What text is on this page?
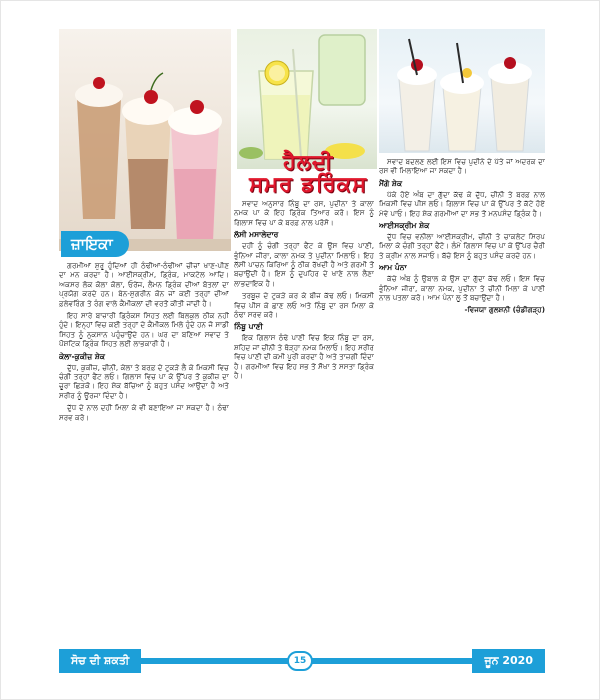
ਹੈਲਦੀ
ਸਮਰ ਡਰਿੰਕਸ
ਜ਼ਾਇਕਾ

ਗਰਮੀਆਂ ਸ਼ੁਰੂ ਹੁੰਦਿਆਂ ਹੀ ਠੰਢੀਆਂ-ਠੰਢੀਆਂ ਚੀਜ਼ਾਂ ਖਾਣ-ਪੀਣ ਦਾ ਮਨ ਕਰਦਾ ਹੈ। ਆਈਸਕ੍ਰੀਮ, ਡ੍ਰਿੰਕ, ਮਾਕਟੇਲ ਆਦਿ। ਅਕਸਰ ਲੋਕ ਕੋਲਾ ਕੋਲਾ, ਓਰੇਂਜ, ਲੈਮਨ ਡ੍ਰਿੰਕ ਦੀਆਂ ਬੋਤਲਾਂ ਦਾ ਪ੍ਰਯੋਗ ਕਰਦੇ ਹਨ। ਬੇਨ-ਸ਼ੁਗਰੀਨ ਕੋਨ ਜਾਂ ਕਈ ਤਰ੍ਹਾਂ ਦੀਆਂ ਫ਼ਲੇਵਰਿੰਗ ਤੇ ਰੰਗ ਵਾਲੇ ਕੈਮੀਕਲਾਂ ਦੀ ਵਰਤੋਂ ਕੀਤੀ ਜਾਂਦੀ ਹੈ।

ਇਹ ਸਾਰੇ ਬਾਜ਼ਾਰੀ ਡ੍ਰਿੰਕਸ ਸਿਹਤ ਲਈ ਬਿਲਕੁਲ ਠੀਕ ਨਹੀਂ ਹੁੰਦੇ। ਇਨ੍ਹਾਂ ਵਿਚ ਕਈ ਤਰ੍ਹਾਂ ਦੇ ਕੈਮੀਕਲ ਮਿਲੇ ਹੁੰਦੇ ਹਨ ਜੋ ਸਾਡੀ ਸਿਹਤ ਨੂੰ ਨੁਕਸਾਨ ਪਹੁੰਚਾਉਂਦੇ ਹਨ। ਘਰ ਦਾ ਬਣਿਆ ਸਵਾਦ ਤੇ ਪੌਸ਼ਟਿਕ ਡ੍ਰਿੰਕ ਸਿਹਤ ਲਈ ਲਾਭਕਾਰੀ ਹੈ।

ਕੇਲਾ-ਕੁਕੀਜ਼ ਸ਼ੇਕ

ਦੁੱਧ, ਕੁਕੀਜ਼, ਚੀਨੀ, ਕੇਲਾ ਤੇ ਬਰਫ਼ ਦੇ ਟੁਕੜੇ ਲੈ ਕੇ ਮਿਕਸੀ ਵਿਚ ਚੰਗੀ ਤਰ੍ਹਾਂ ਫੈਂਟ ਲਓ। ਗਿਲਾਸ ਵਿਚ ਪਾ ਕੇ ਉੱਪਰ ਤੋਂ ਕੁਕੀਜ਼ ਦਾ ਚੂਰਾ ਛਿੜਕੋ। ਇਹ ਸ਼ੇਕ ਬੱਚਿਆਂ ਨੂੰ ਬਹੁਤ ਪਸੰਦ ਆਉਂਦਾ ਹੈ ਅਤੇ ਸਰੀਰ ਨੂੰ ਊਰਜਾ ਦਿੰਦਾ ਹੈ।

ਦੁੱਧ ਦੇ ਨਾਲ ਦਹੀਂ ਮਿਲਾ ਕੇ ਵੀ ਬਣਾਇਆ ਜਾ ਸਕਦਾ ਹੈ। ਠੰਢਾ ਸਰਵ ਕਰੋ।

ਸਵਾਦ ਅਨੁਸਾਰ ਨਿੰਬੂ ਦਾ ਰਸ, ਪੁਦੀਨਾ ਤੇ ਕਾਲਾ ਨਮਕ ਪਾ ਕੇ ਇਹ ਡ੍ਰਿੰਕ ਤਿਆਰ ਕਰੋ। ਇਸ ਨੂੰ ਗਿਲਾਸ ਵਿਚ ਪਾ ਕੇ ਬਰਫ਼ ਨਾਲ ਪਰੋਸੋ।

ਲੱਸੀ ਮਸਾਲੇਦਾਰ

ਦਹੀਂ ਨੂੰ ਚੰਗੀ ਤਰ੍ਹਾਂ ਫੈਂਟ ਕੇ ਉਸ ਵਿਚ ਪਾਣੀ, ਭੁੰਨਿਆ ਜੀਰਾ, ਕਾਲਾ ਨਮਕ ਤੇ ਪੁਦੀਨਾ ਮਿਲਾਓ। ਇਹ ਲੱਸੀ ਪਾਚਨ ਕਿਰਿਆ ਨੂੰ ਠੀਕ ਰੱਖਦੀ ਹੈ ਅਤੇ ਗਰਮੀ ਤੋਂ ਬਚਾਉਂਦੀ ਹੈ। ਇਸ ਨੂੰ ਦੁਪਹਿਰ ਦੇ ਖਾਣੇ ਨਾਲ ਲੈਣਾ ਲਾਭਦਾਇਕ ਹੈ।

ਤਰਬੂਜ਼ ਦੇ ਟੁਕੜੇ ਕਰ ਕੇ ਬੀਜ ਕੱਢ ਲਓ। ਮਿਕਸੀ ਵਿਚ ਪੀਸ ਕੇ ਛਾਣ ਲਓ ਅਤੇ ਨਿੰਬੂ ਦਾ ਰਸ ਮਿਲਾ ਕੇ ਠੰਢਾ ਸਰਵ ਕਰੋ।

ਨਿੰਬੂ ਪਾਣੀ

ਇਕ ਗਿਲਾਸ ਠੰਢੇ ਪਾਣੀ ਵਿਚ ਇਕ ਨਿੰਬੂ ਦਾ ਰਸ, ਸ਼ਹਿਦ ਜਾਂ ਚੀਨੀ ਤੇ ਥੋੜ੍ਹਾ ਨਮਕ ਮਿਲਾਓ। ਇਹ ਸਰੀਰ ਵਿਚ ਪਾਣੀ ਦੀ ਕਮੀ ਪੂਰੀ ਕਰਦਾ ਹੈ ਅਤੇ ਤਾਜ਼ਗੀ ਦਿੰਦਾ ਹੈ। ਗਰਮੀਆਂ ਵਿਚ ਇਹ ਸਭ ਤੋਂ ਸੌਖਾ ਤੇ ਸਸਤਾ ਡ੍ਰਿੰਕ ਹੈ।

ਸਵਾਦ ਬਦਲਣ ਲਈ ਇਸ ਵਿਚ ਪੁਦੀਨੇ ਦੇ ਪੱਤੇ ਜਾਂ ਅਦਰਕ ਦਾ ਰਸ ਵੀ ਮਿਲਾਇਆ ਜਾ ਸਕਦਾ ਹੈ।

ਮੈਂਗੋ ਸ਼ੇਕ

ਪੱਕੇ ਹੋਏ ਅੰਬ ਦਾ ਗੁੱਦਾ ਕੱਢ ਕੇ ਦੁੱਧ, ਚੀਨੀ ਤੇ ਬਰਫ਼ ਨਾਲ ਮਿਕਸੀ ਵਿਚ ਪੀਸ ਲਓ। ਗਿਲਾਸ ਵਿਚ ਪਾ ਕੇ ਉੱਪਰ ਤੋਂ ਕੱਟੇ ਹੋਏ ਮੇਵੇ ਪਾਓ। ਇਹ ਸ਼ੇਕ ਗਰਮੀਆਂ ਦਾ ਸਭ ਤੋਂ ਮਨਪਸੰਦ ਡ੍ਰਿੰਕ ਹੈ।

ਆਈਸਕ੍ਰੀਮ ਸ਼ੇਕ

ਦੁੱਧ ਵਿਚ ਵਨੀਲਾ ਆਈਸਕ੍ਰੀਮ, ਚੀਨੀ ਤੇ ਚਾਕਲੇਟ ਸਿਰਪ ਮਿਲਾ ਕੇ ਚੰਗੀ ਤਰ੍ਹਾਂ ਫੈਂਟੋ। ਲੰਮੇ ਗਿਲਾਸ ਵਿਚ ਪਾ ਕੇ ਉੱਪਰ ਚੈਰੀ ਤੇ ਕ੍ਰੀਮ ਨਾਲ ਸਜਾਓ। ਬੱਚੇ ਇਸ ਨੂੰ ਬਹੁਤ ਪਸੰਦ ਕਰਦੇ ਹਨ।

ਆਮ ਪੰਨਾ

ਕੱਚੇ ਅੰਬ ਨੂੰ ਉਬਾਲ ਕੇ ਉਸ ਦਾ ਗੁੱਦਾ ਕੱਢ ਲਓ। ਇਸ ਵਿਚ ਭੁੰਨਿਆ ਜੀਰਾ, ਕਾਲਾ ਨਮਕ, ਪੁਦੀਨਾ ਤੇ ਚੀਨੀ ਮਿਲਾ ਕੇ ਪਾਣੀ ਨਾਲ ਪਤਲਾ ਕਰੋ। ਆਮ ਪੰਨਾ ਲੂ ਤੋਂ ਬਚਾਉਂਦਾ ਹੈ।

-ਵਿਜਯਾ ਗੁਲਸ਼ਨੀ (ਚੰਡੀਗੜ੍ਹ)

ਸੋਚ ਦੀ ਸ਼ਕਤੀ	15	ਜੂਨ 2020
